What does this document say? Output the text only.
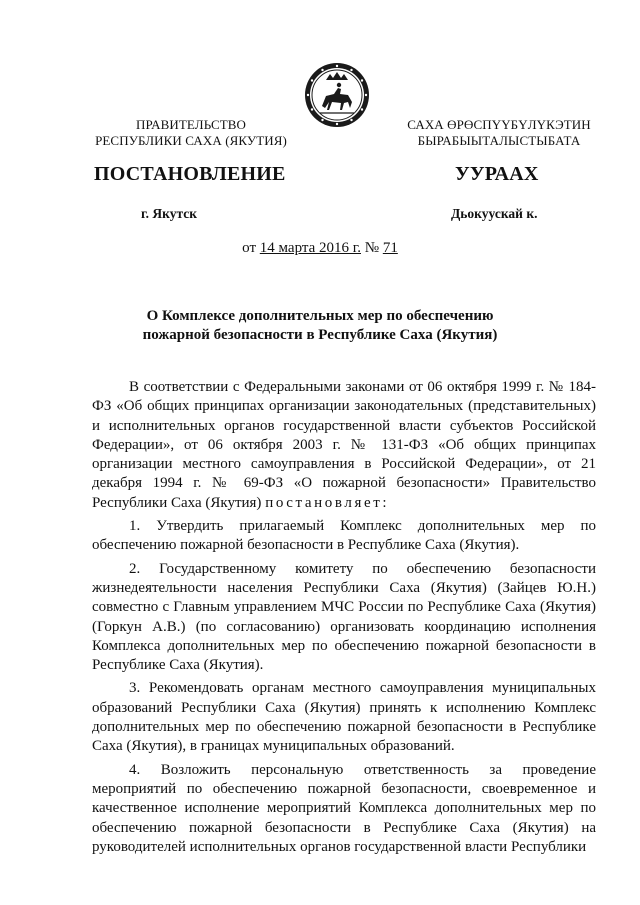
ПРАВИТЕЛЬСТВО
РЕСПУБЛИКИ САХА (ЯКУТИЯ)
САХА ӨРӨСПҮҮБҮЛҮКЭТИН
БЫРАБЫЫТАЛЫСТЫБАТА
ПОСТАНОВЛЕНИЕ	УУРААХ
г. Якутск	Дьокуускай к.
от 14 марта 2016 г. № 71
О Комплексе дополнительных мер по обеспечению
пожарной безопасности в Республике Саха (Якутия)

В соответствии с Федеральными законами от 06 октября 1999 г. № 184-ФЗ «Об общих принципах организации законодательных (представительных) и исполнительных органов государственной власти субъектов Российской Федерации», от 06 октября 2003 г. № 131-ФЗ «Об общих принципах организации местного самоуправления в Российской Федерации», от 21 декабря 1994 г. № 69-ФЗ «О пожарной безопасности» Правительство Республики Саха (Якутия) постановляет:

1. Утвердить прилагаемый Комплекс дополнительных мер по обеспечению пожарной безопасности в Республике Саха (Якутия).

2. Государственному комитету по обеспечению безопасности жизнедеятельности населения Республики Саха (Якутия) (Зайцев Ю.Н.) совместно с Главным управлением МЧС России по Республике Саха (Якутия) (Горкун А.В.) (по согласованию) организовать координацию исполнения Комплекса дополнительных мер по обеспечению пожарной безопасности в Республике Саха (Якутия).

3. Рекомендовать органам местного самоуправления муниципальных образований Республики Саха (Якутия) принять к исполнению Комплекс дополнительных мер по обеспечению пожарной безопасности в Республике Саха (Якутия), в границах муниципальных образований.

4. Возложить персональную ответственность за проведение мероприятий по обеспечению пожарной безопасности, своевременное и качественное исполнение мероприятий Комплекса дополнительных мер по обеспечению пожарной безопасности в Республике Саха (Якутия) на руководителей исполнительных органов государственной власти Республики
